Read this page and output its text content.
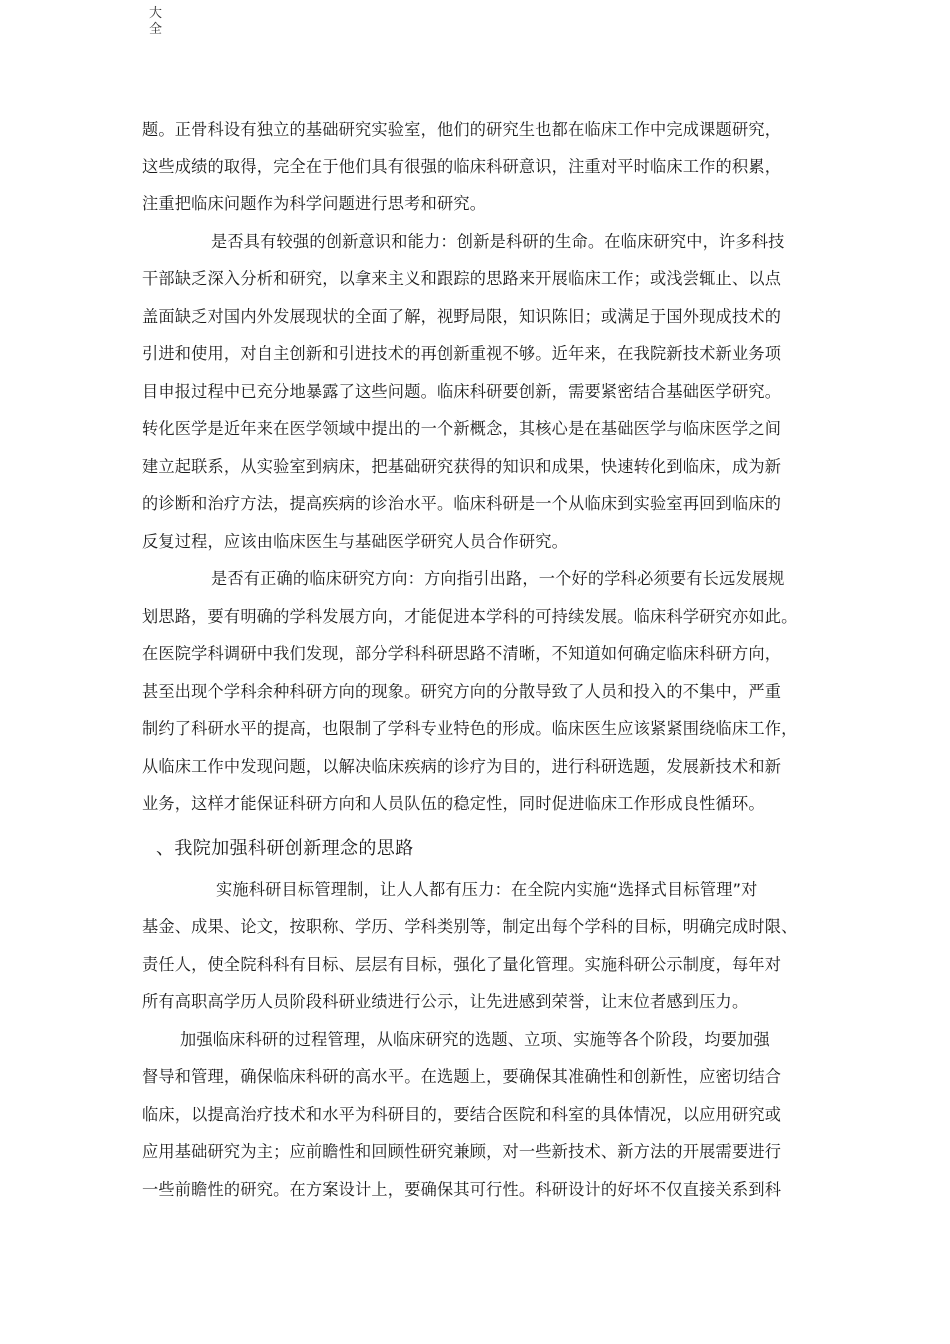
大
全
题。正骨科设有独立的基础研究实验室，他们的研究生也都在临床工作中完成课题研究，
这些成绩的取得，完全在于他们具有很强的临床科研意识，注重对平时临床工作的积累，
注重把临床问题作为科学问题进行思考和研究。
是否具有较强的创新意识和能力：创新是科研的生命。在临床研究中，许多科技
干部缺乏深入分析和研究，以拿来主义和跟踪的思路来开展临床工作；或浅尝辄止、以点
盖面缺乏对国内外发展现状的全面了解，视野局限，知识陈旧；或满足于国外现成技术的
引进和使用，对自主创新和引进技术的再创新重视不够。近年来，在我院新技术新业务项
目申报过程中已充分地暴露了这些问题。临床科研要创新，需要紧密结合基础医学研究。
转化医学是近年来在医学领域中提出的一个新概念，其核心是在基础医学与临床医学之间
建立起联系，从实验室到病床，把基础研究获得的知识和成果，快速转化到临床，成为新
的诊断和治疗方法，提高疾病的诊治水平。临床科研是一个从临床到实验室再回到临床的
反复过程，应该由临床医生与基础医学研究人员合作研究。
是否有正确的临床研究方向：方向指引出路，一个好的学科必须要有长远发展规
划思路，要有明确的学科发展方向，才能促进本学科的可持续发展。临床科学研究亦如此。
在医院学科调研中我们发现，部分学科科研思路不清晰，不知道如何确定临床科研方向，
甚至出现个学科余种科研方向的现象。研究方向的分散导致了人员和投入的不集中，严重
制约了科研水平的提高，也限制了学科专业特色的形成。临床医生应该紧紧围绕临床工作，
从临床工作中发现问题，以解决临床疾病的诊疗为目的，进行科研选题，发展新技术和新
业务，这样才能保证科研方向和人员队伍的稳定性，同时促进临床工作形成良性循环。
、我院加强科研创新理念的思路
实施科研目标管理制，让人人都有压力：在全院内实施“选择式目标管理”对
基金、成果、论文，按职称、学历、学科类别等，制定出每个学科的目标，明确完成时限、
责任人，使全院科科有目标、层层有目标，强化了量化管理。实施科研公示制度，每年对
所有高职高学历人员阶段科研业绩进行公示，让先进感到荣誉，让末位者感到压力。
加强临床科研的过程管理，从临床研究的选题、立项、实施等各个阶段，均要加强
督导和管理，确保临床科研的高水平。在选题上，要确保其准确性和创新性，应密切结合
临床，以提高治疗技术和水平为科研目的，要结合医院和科室的具体情况，以应用研究或
应用基础研究为主；应前瞻性和回顾性研究兼顾，对一些新技术、新方法的开展需要进行
一些前瞻性的研究。在方案设计上，要确保其可行性。科研设计的好坏不仅直接关系到科
